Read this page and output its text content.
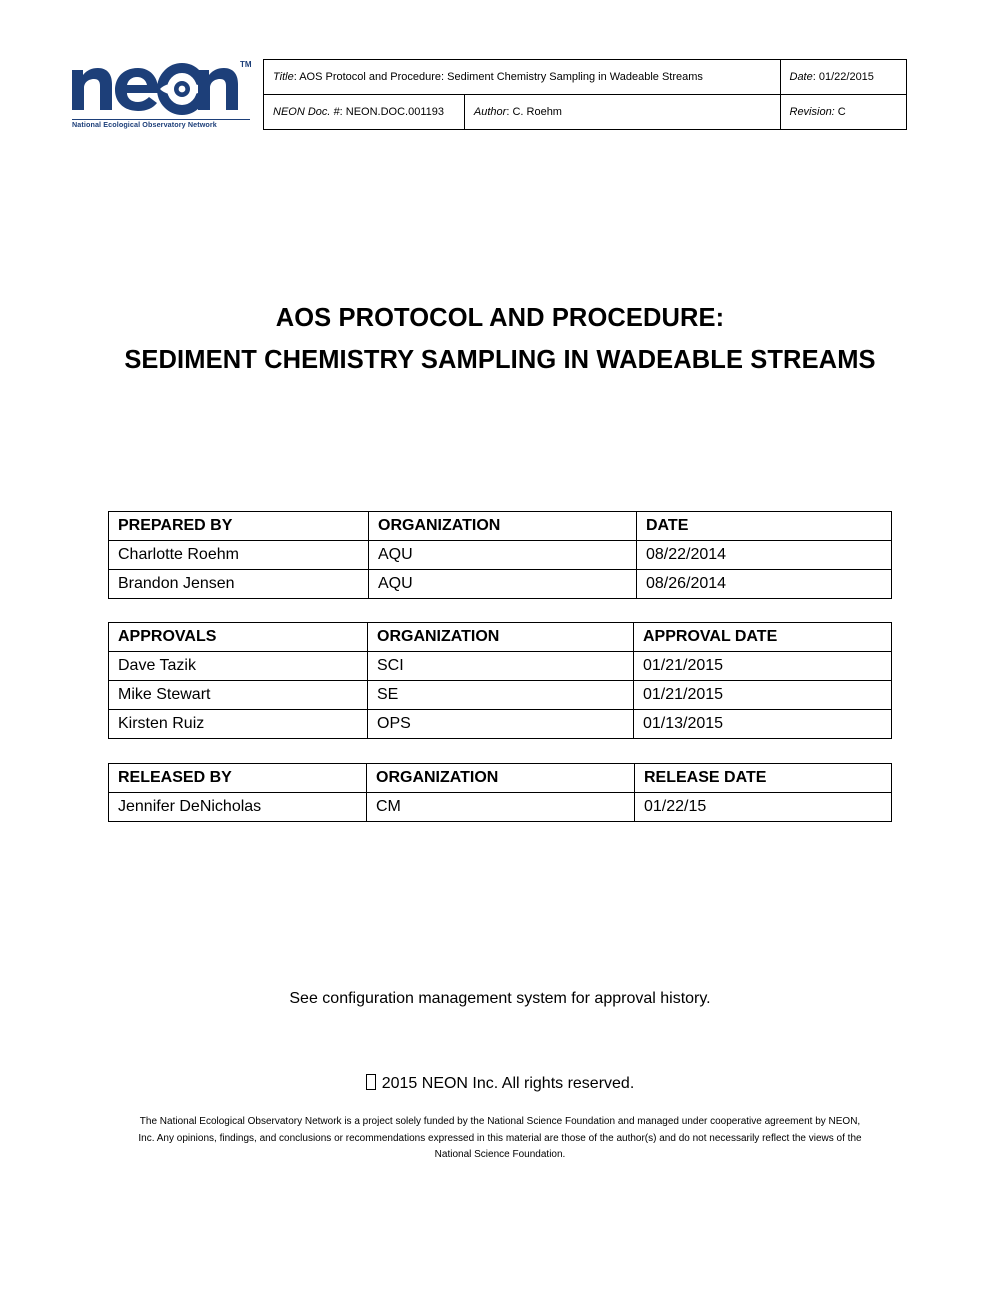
TM
National Ecological Observatory Network
Title: AOS Protocol and Procedure: Sediment Chemistry Sampling in Wadeable Streams		Date: 01/22/2015
NEON Doc. #: NEON.DOC.001193	Author: C. Roehm	Revision: C
AOS PROTOCOL AND PROCEDURE:
SEDIMENT CHEMISTRY SAMPLING IN WADEABLE STREAMS
PREPARED BY	ORGANIZATION	DATE
Charlotte Roehm	AQU	08/22/2014
Brandon Jensen	AQU	08/26/2014
APPROVALS	ORGANIZATION	APPROVAL DATE
Dave Tazik	SCI	01/21/2015
Mike Stewart	SE	01/21/2015
Kirsten Ruiz	OPS	01/13/2015
RELEASED BY	ORGANIZATION	RELEASE DATE
Jennifer DeNicholas	CM	01/22/15
See configuration management system for approval history.
2015 NEON Inc. All rights reserved.
The National Ecological Observatory Network is a project solely funded by the National Science Foundation and managed under cooperative agreement by NEON,
Inc. Any opinions, findings, and conclusions or recommendations expressed in this material are those of the author(s) and do not necessarily reflect the views of the
National Science Foundation.
